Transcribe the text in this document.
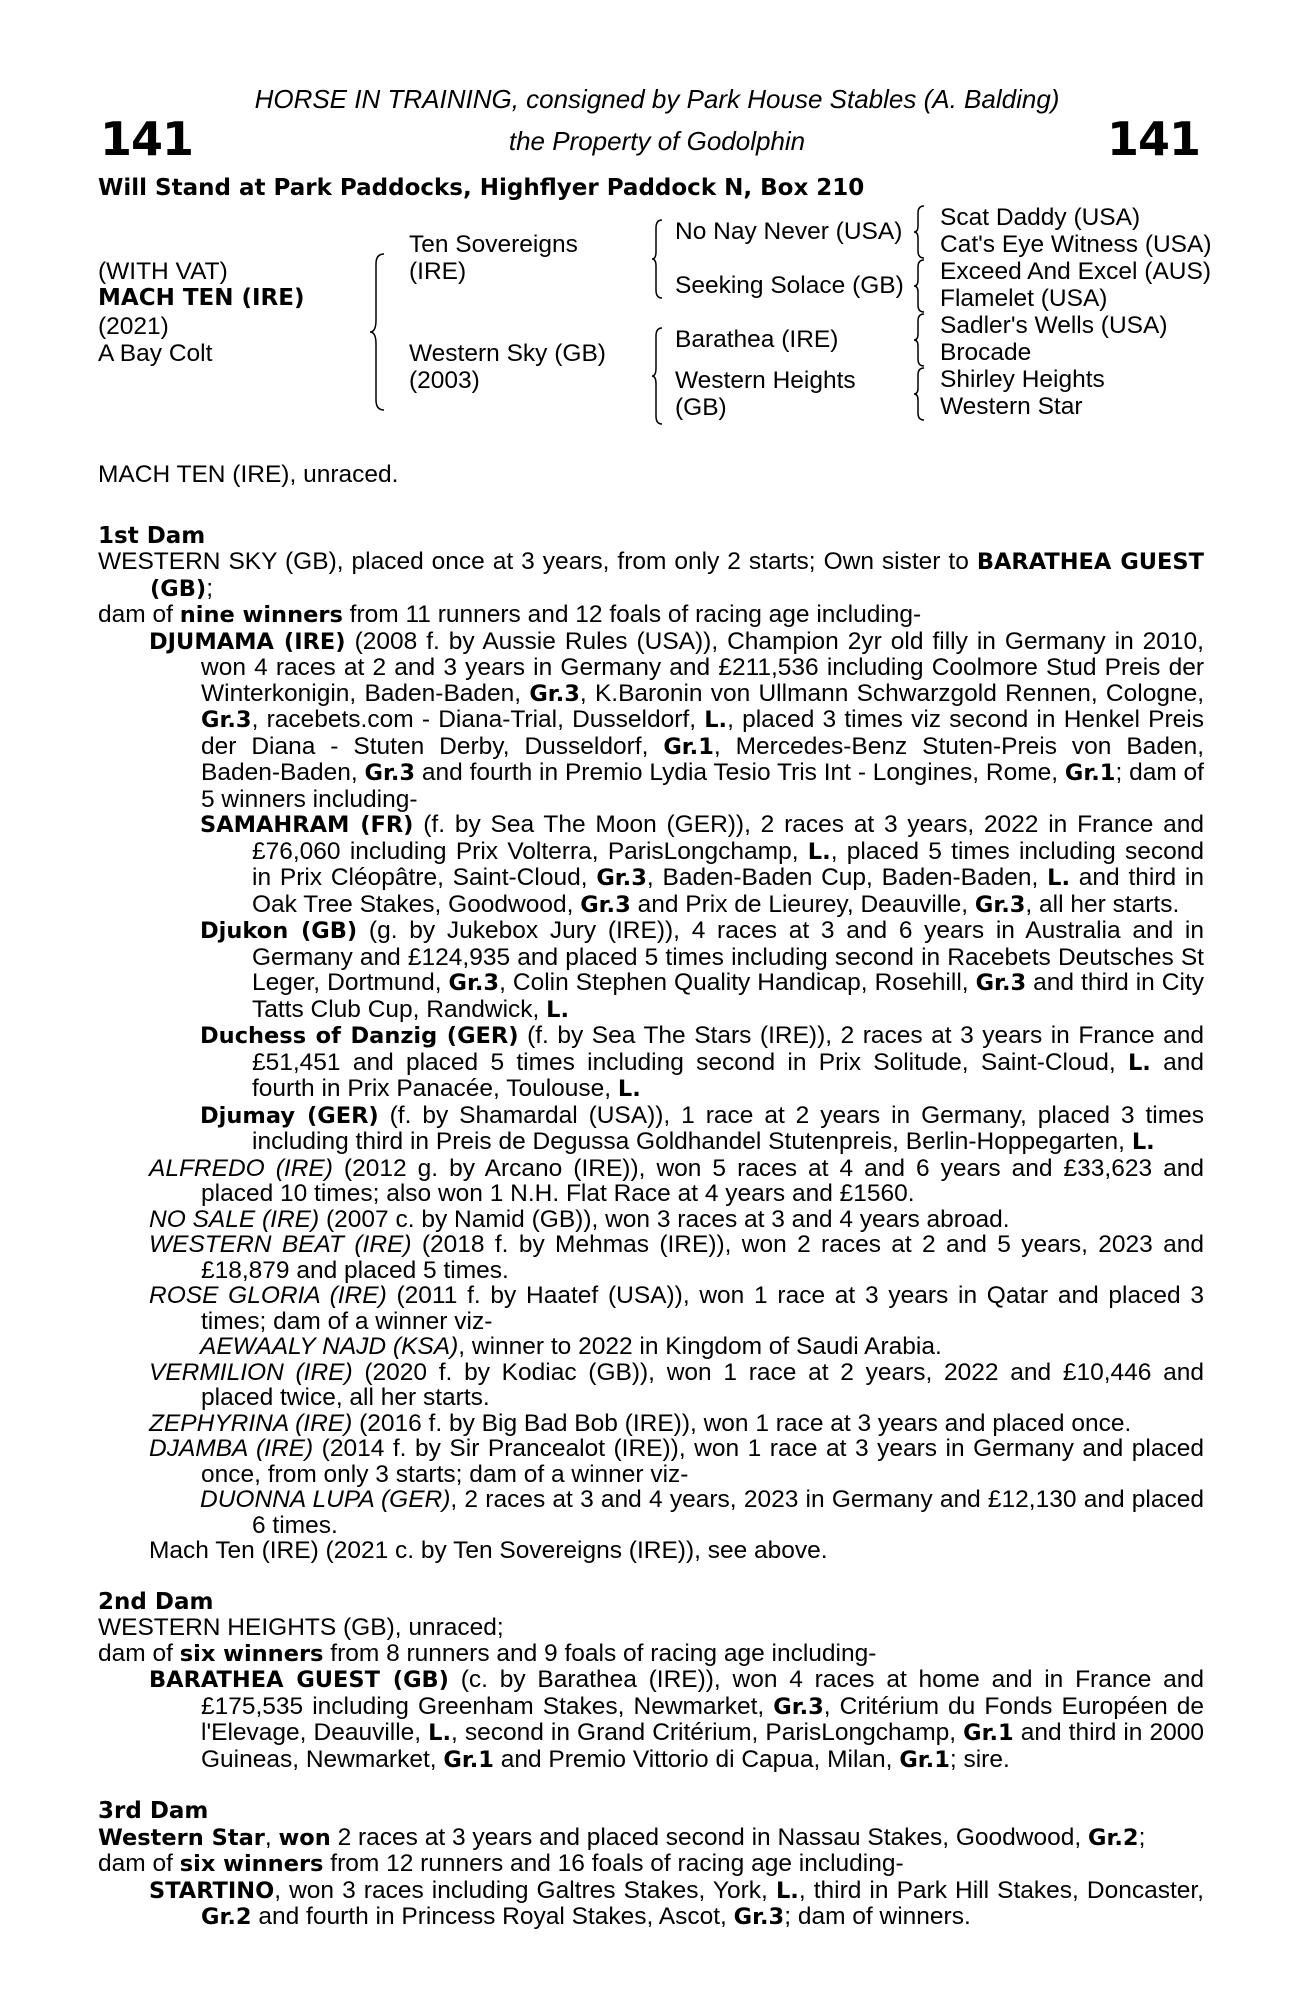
141	141
HORSE IN TRAINING, consigned by Park House Stables (A. Balding)
the Property of Godolphin
Will Stand at Park Paddocks, Highflyer Paddock N, Box 210
(WITH VAT)
MACH TEN (IRE)
(2021)
A Bay Colt
Ten Sovereigns
(IRE)
Western Sky (GB)
(2003)
No Nay Never (USA)
Seeking Solace (GB)
Barathea (IRE)
Western Heights
(GB)
Scat Daddy (USA)
Cat's Eye Witness (USA)
Exceed And Excel (AUS)
Flamelet (USA)
Sadler's Wells (USA)
Brocade
Shirley Heights
Western Star

MACH TEN (IRE), unraced.

1st Dam

WESTERN SKY (GB), placed once at 3 years, from only 2 starts; Own sister to BARATHEA GUEST (GB);

dam of nine winners from 11 runners and 12 foals of racing age including-

DJUMAMA (IRE) (2008 f. by Aussie Rules (USA)), Champion 2yr old filly in Germany in 2010, won 4 races at 2 and 3 years in Germany and £211,536 including Coolmore Stud Preis der Winterkonigin, Baden-Baden, Gr.3, K.Baronin von Ullmann Schwarzgold Rennen, Cologne, Gr.3, racebets.com - Diana-Trial, Dusseldorf, L., placed 3 times viz second in Henkel Preis der Diana - Stuten Derby, Dusseldorf, Gr.1, Mercedes-Benz Stuten-Preis von Baden, Baden-Baden, Gr.3 and fourth in Premio Lydia Tesio Tris Int - Longines, Rome, Gr.1; dam of 5 winners including-

SAMAHRAM (FR) (f. by Sea The Moon (GER)), 2 races at 3 years, 2022 in France and £76,060 including Prix Volterra, ParisLongchamp, L., placed 5 times including second in Prix Cléopâtre, Saint-Cloud, Gr.3, Baden-Baden Cup, Baden-Baden, L. and third in Oak Tree Stakes, Goodwood, Gr.3 and Prix de Lieurey, Deauville, Gr.3, all her starts.

Djukon (GB) (g. by Jukebox Jury (IRE)), 4 races at 3 and 6 years in Australia and in Germany and £124,935 and placed 5 times including second in Racebets Deutsches St Leger, Dortmund, Gr.3, Colin Stephen Quality Handicap, Rosehill, Gr.3 and third in City Tatts Club Cup, Randwick, L.

Duchess of Danzig (GER) (f. by Sea The Stars (IRE)), 2 races at 3 years in France and £51,451 and placed 5 times including second in Prix Solitude, Saint-Cloud, L. and fourth in Prix Panacée, Toulouse, L.

Djumay (GER) (f. by Shamardal (USA)), 1 race at 2 years in Germany, placed 3 times including third in Preis de Degussa Goldhandel Stutenpreis, Berlin-Hoppegarten, L.

ALFREDO (IRE) (2012 g. by Arcano (IRE)), won 5 races at 4 and 6 years and £33,623 and placed 10 times; also won 1 N.H. Flat Race at 4 years and £1560.

NO SALE (IRE) (2007 c. by Namid (GB)), won 3 races at 3 and 4 years abroad.

WESTERN BEAT (IRE) (2018 f. by Mehmas (IRE)), won 2 races at 2 and 5 years, 2023 and £18,879 and placed 5 times.

ROSE GLORIA (IRE) (2011 f. by Haatef (USA)), won 1 race at 3 years in Qatar and placed 3 times; dam of a winner viz-

AEWAALY NAJD (KSA), winner to 2022 in Kingdom of Saudi Arabia.

VERMILION (IRE) (2020 f. by Kodiac (GB)), won 1 race at 2 years, 2022 and £10,446 and placed twice, all her starts.

ZEPHYRINA (IRE) (2016 f. by Big Bad Bob (IRE)), won 1 race at 3 years and placed once.

DJAMBA (IRE) (2014 f. by Sir Prancealot (IRE)), won 1 race at 3 years in Germany and placed once, from only 3 starts; dam of a winner viz-

DUONNA LUPA (GER), 2 races at 3 and 4 years, 2023 in Germany and £12,130 and placed 6 times.

Mach Ten (IRE) (2021 c. by Ten Sovereigns (IRE)), see above.

2nd Dam

WESTERN HEIGHTS (GB), unraced;

dam of six winners from 8 runners and 9 foals of racing age including-

BARATHEA GUEST (GB) (c. by Barathea (IRE)), won 4 races at home and in France and £175,535 including Greenham Stakes, Newmarket, Gr.3, Critérium du Fonds Européen de l'Elevage, Deauville, L., second in Grand Critérium, ParisLongchamp, Gr.1 and third in 2000 Guineas, Newmarket, Gr.1 and Premio Vittorio di Capua, Milan, Gr.1; sire.

3rd Dam

Western Star, won 2 races at 3 years and placed second in Nassau Stakes, Goodwood, Gr.2;

dam of six winners from 12 runners and 16 foals of racing age including-

STARTINO, won 3 races including Galtres Stakes, York, L., third in Park Hill Stakes, Doncaster, Gr.2 and fourth in Princess Royal Stakes, Ascot, Gr.3; dam of winners.
